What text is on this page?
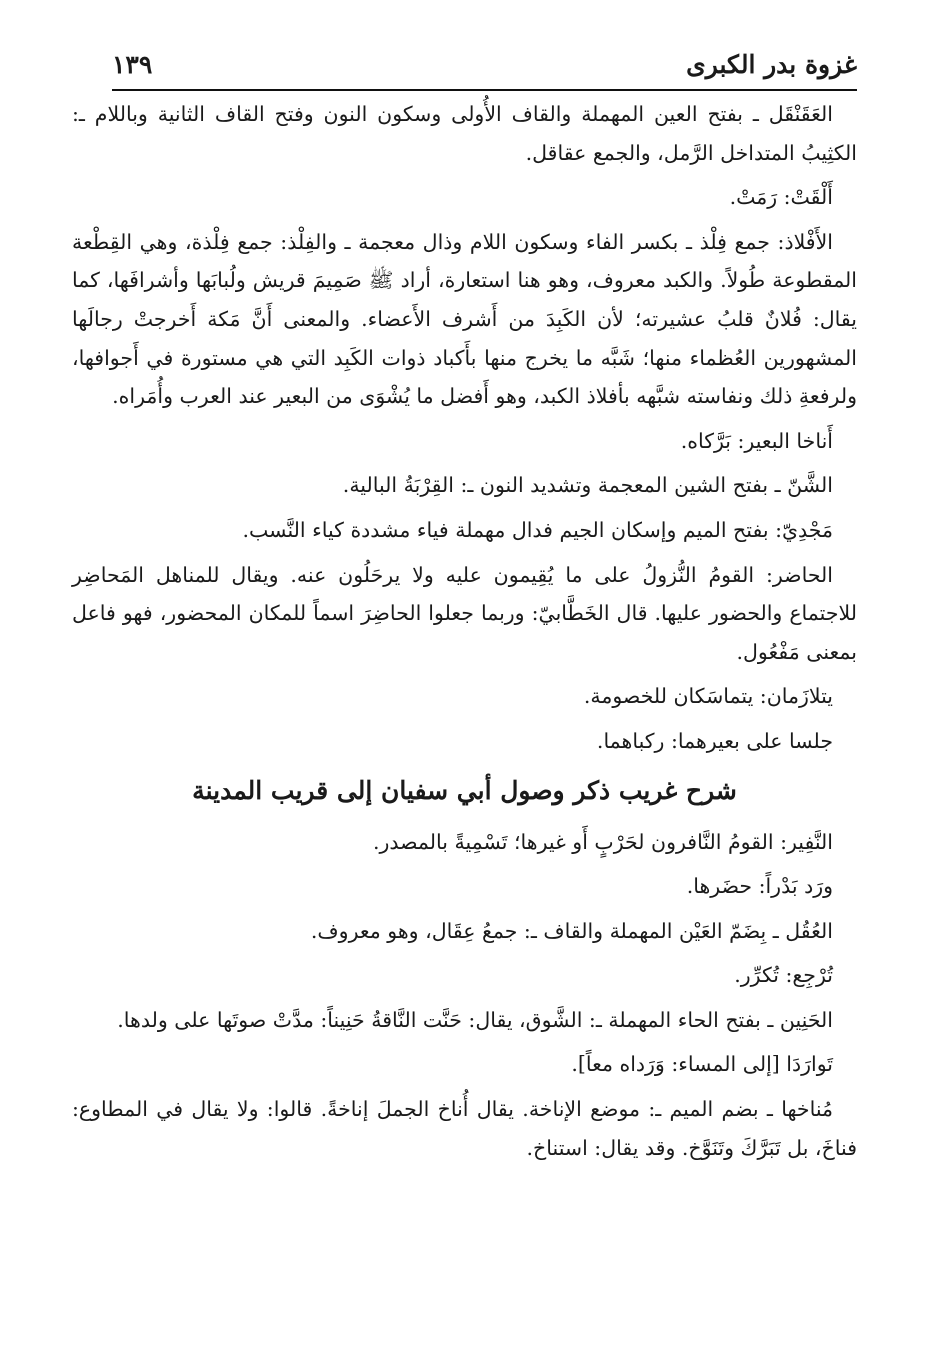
غزوة بدر الكبرى
١٣٩

العَقَنْقَل ـ بفتح العين المهملة والقاف الأُولى وسكون النون وفتح القاف الثانية وباللام ـ: الكثِيبُ المتداخل الرَّمل، والجمع عقاقل.

أَلْقَتْ: رَمَتْ.

الأَفْلاذ: جمع فِلْذ ـ بكسر الفاء وسكون اللام وذال معجمة ـ والفِلْذ: جمع فِلْذة، وهي القِطْعة المقطوعة طُولاً. والكبد معروف، وهو هنا استعارة، أراد ﷺ صَمِيمَ قريش ولُبابَها وأشرافَها، كما يقال: فُلانٌ قلبُ عشيرته؛ لأن الكَبِدَ من أَشرف الأَعضاء. والمعنى أَنَّ مَكة أَخرجتْ رجالَها المشهورين العُظماء منها؛ شَبَّه ما يخرج منها بأَكباد ذوات الكَبِد التي هي مستورة في أَجوافها، ولرفعةِ ذلك ونفاسته شبَّهه بأفلاذ الكبد، وهو أَفضل ما يُشْوَى من البعير عند العرب وأُمَراه.

أَناخا البعير: بَرَّكاه.

الشَّنّ ـ بفتح الشين المعجمة وتشديد النون ـ: القِرْبَةُ البالية.

مَجْدِيّ: بفتح الميم وإسكان الجيم فدال مهملة فياء مشددة كياء النَّسب.

الحاضر: القومُ النُّزولُ على ما يُقِيمون عليه ولا يرحَلُون عنه. ويقال للمناهل المَحاضِر للاجتماع والحضور عليها. قال الخَطَّابيّ: وربما جعلوا الحاضِرَ اسماً للمكان المحضور، فهو فاعل بمعنى مَفْعُول.

يتلازَمان: يتماسَكان للخصومة.

جلسا على بعيرهما: ركباهما.

شرح غريب ذكر وصول أبي سفيان إلى قريب المدينة

النَّفِير: القومُ النَّافرون لحَرْبٍ أَو غيرها؛ تَسْمِيةً بالمصدر.

ورَد بَدْراً: حضَرها.

العُقُل ـ بِضَمّ العَيْن المهملة والقاف ـ: جمعُ عِقَال، وهو معروف.

تُرْجِع: تُكرِّر.

الحَنِين ـ بفتح الحاء المهملة ـ: الشَّوق، يقال: حَنَّت النَّاقةُ حَنِيناً: مدَّتْ صوتَها على ولدها.

تَوارَدَا [إلى المساء: وَرَداه معاً].

مُناخها ـ بضم الميم ـ: موضع الإناخة. يقال أُناخ الجملَ إناخةً. قالوا: ولا يقال في المطاوع: فناخَ، بل تَبَرَّكَ وتَنَوَّخ. وقد يقال: استناخ.
